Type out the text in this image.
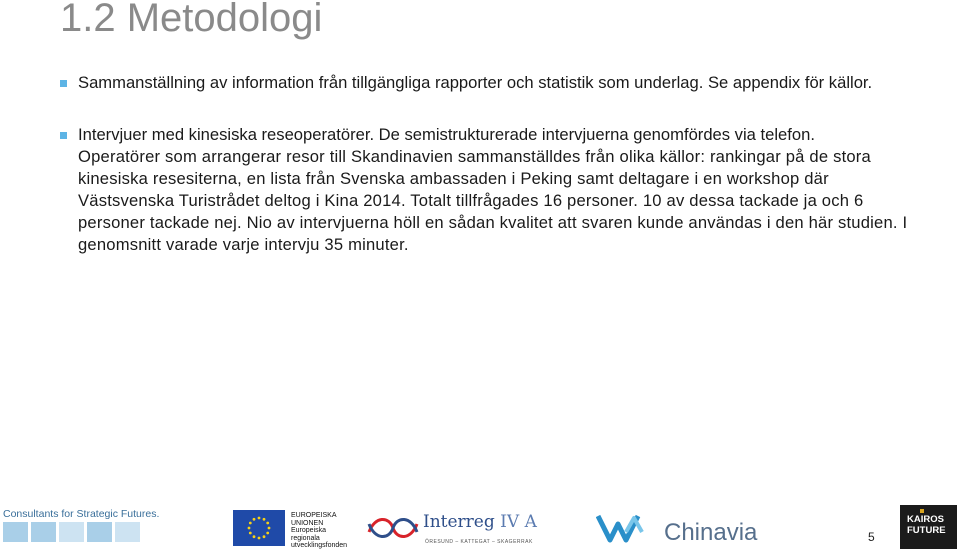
1.2 Metodologi

Sammanställning av information från tillgängliga rapporter och statistik som underlag. Se appendix för källor.

Intervjuer med kinesiska reseoperatörer. De semistrukturerade intervjuerna genomfördes via telefon.

Operatörer som arrangerar resor till Skandinavien sammanställdes från olika källor: rankingar på de stora kinesiska resesiterna, en lista från Svenska ambassaden i Peking samt deltagare i en workshop där Västsvenska Turistrådet deltog i Kina 2014. Totalt tillfrågades 16 personer. 10 av dessa tackade ja och 6 personer tackade nej. Nio av intervjuerna höll en sådan kvalitet att svaren kunde användas i den här studien. I genomsnitt varade varje intervju 35 minuter.

Consultants for Strategic Futures.	EUROPEISKA
UNIONEN
Europeiska
regionala
utvecklingsfonden
Interreg IV A
ÖRESUND – KATTEGAT – SKAGERRAK	Chinavia	5
KAIROS
FUTURE
